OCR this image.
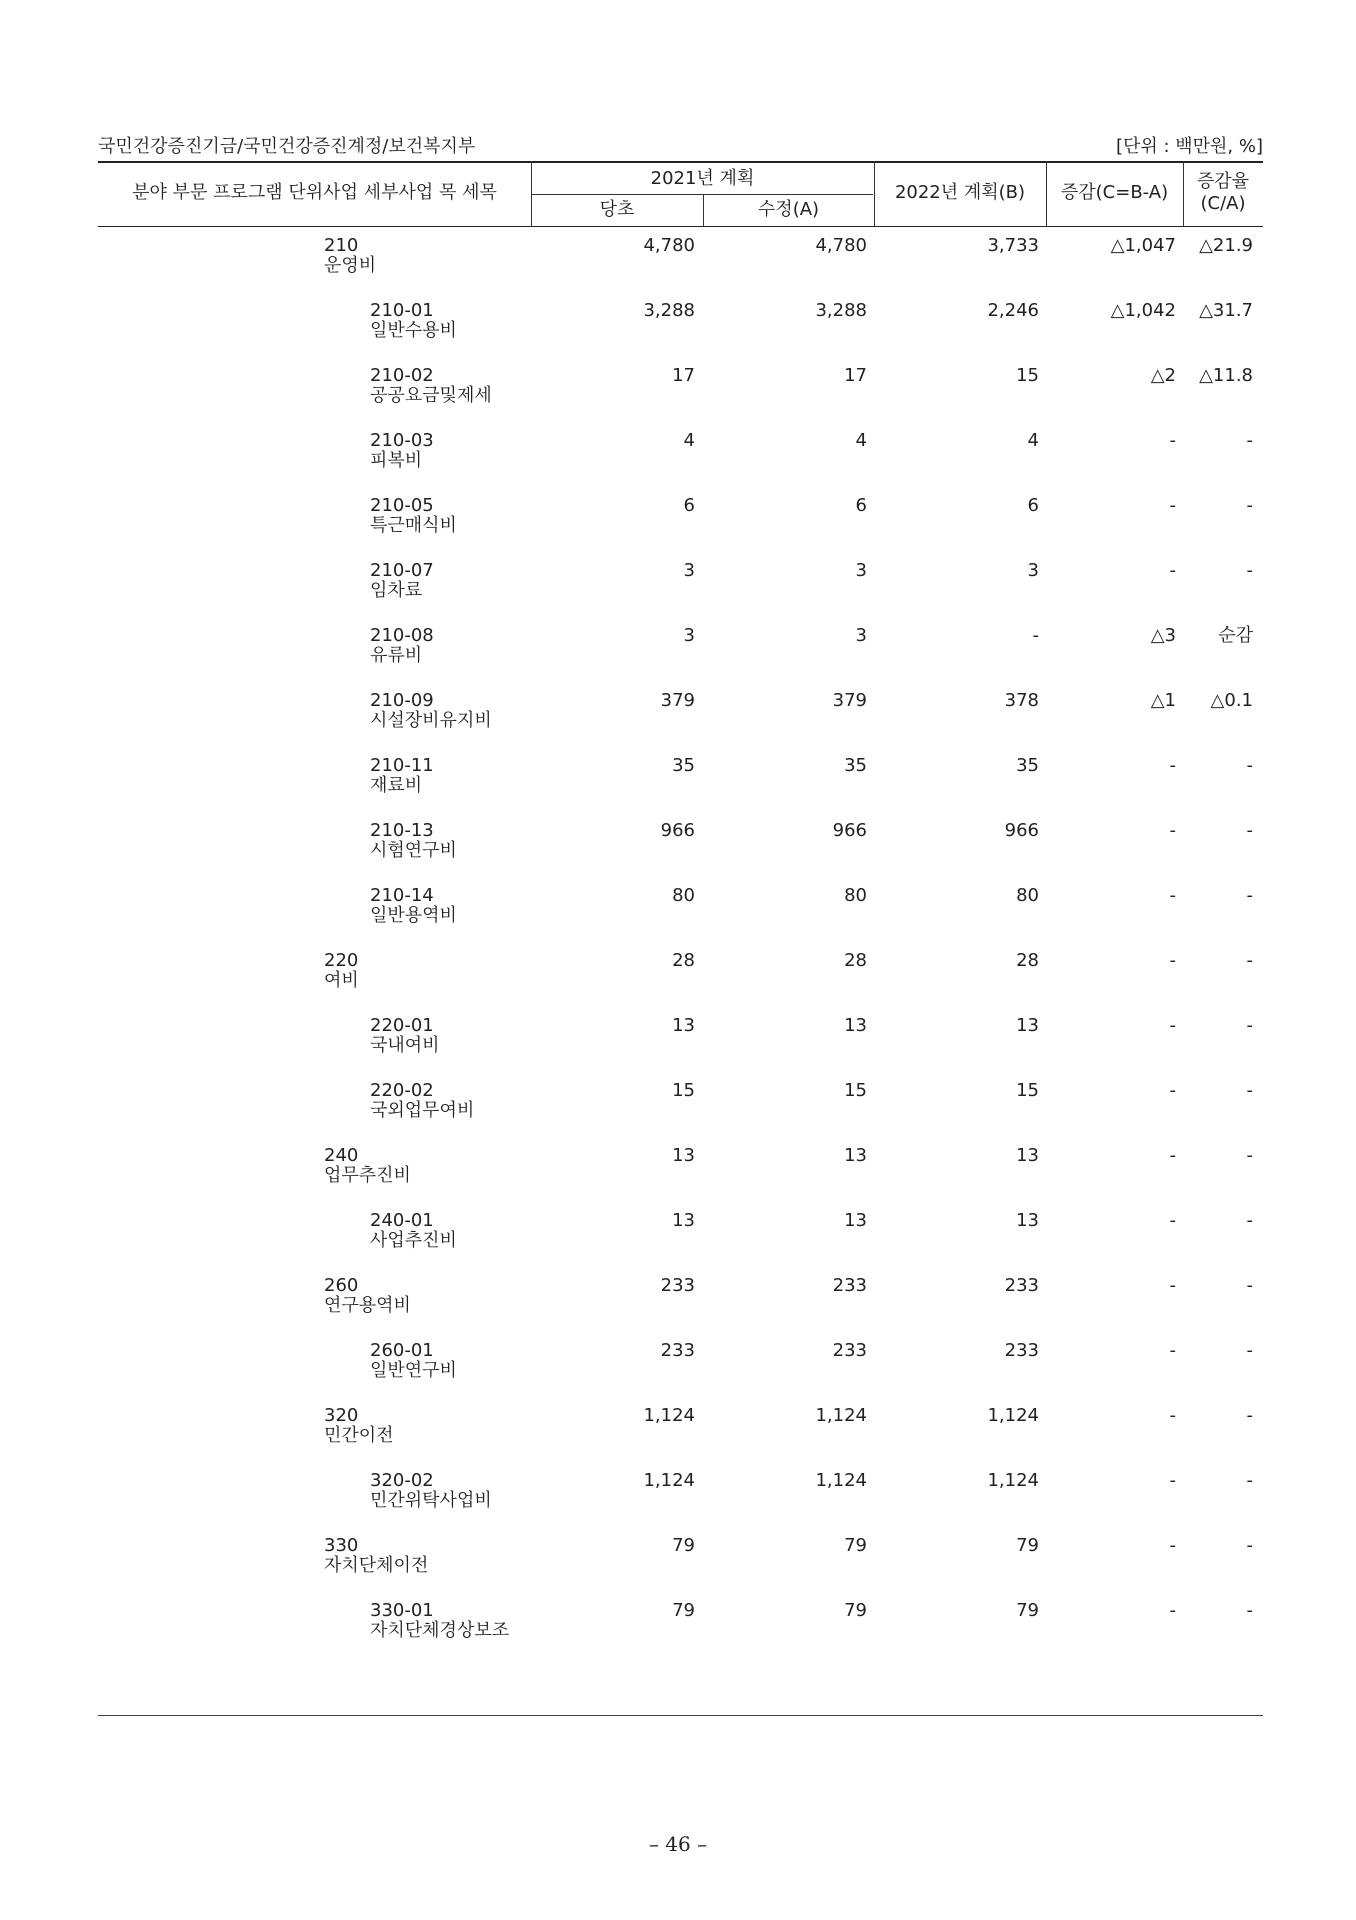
국민건강증진기금/국민건강증진계정/보건복지부	[단위 : 백만원, %]
분야 부문 프로그램 단위사업 세부사업 목 세목
2021년 계획
당초	수정(A)
2022년 계획(B)	증감(C=B-A)
증감율
(C/A)
210
운영비
4,780	4,780	3,733	△1,047 △21.9
210-01
일반수용비
3,288	3,288	2,246	△1,042 △31.7
210-02
공공요금및제세
17	17	15	△2 △11.8
210-03
피복비
4	4	4	-	-
210-05
특근매식비
6	6	6	-	-
210-07
임차료
3	3	3	-	-
210-08
유류비
3	3	-	△3 순감
210-09
시설장비유지비
379	379	378	△1 △0.1
210-11
재료비
35	35	35	-	-
210-13
시험연구비
966	966	966	-	-
210-14
일반용역비
80	80	80	-	-
220
여비
28	28	28	-	-
220-01
국내여비
13	13	13	-	-
220-02
국외업무여비
15	15	15	-	-
240
업무추진비
13	13	13	-	-
240-01
사업추진비
13	13	13	-	-
260
연구용역비
233	233	233	-	-
260-01
일반연구비
233	233	233	-	-
320
민간이전
1,124	1,124	1,124	-	-
320-02
민간위탁사업비
1,124	1,124	1,124	-	-
330
자치단체이전
79	79	79	-	-
330-01
자치단체경상보조
79	79	79	-	-
– 46 –
